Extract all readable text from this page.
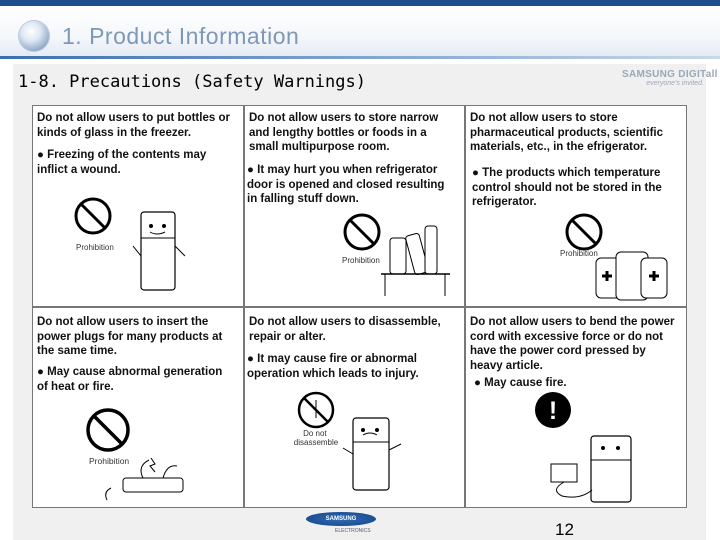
1. Product Information
1-8. Precautions (Safety Warnings)	SAMSUNG DIGITall
everyone's invited.
Do not allow users to put bottles or
kinds of glass in the freezer.
● Freezing of the contents may
inflict a wound.
Prohibition
Do not allow users to store narrow
and lengthy bottles or foods in a
small multipurpose room.
● It may hurt you when refrigerator
door is opened and closed resulting
in falling stuff down.
Prohibition
Do not allow users to store
pharmaceutical products, scientific
materials, etc., in the efrigerator.
● The products which temperature
control should not be stored in the
refrigerator.
Prohibition
Do not allow users to insert the
power plugs for many products at
the same time.
● May cause abnormal generation
of heat or fire.
Prohibition
Do not allow users to disassemble,
repair or alter.
● It may cause fire or abnormal
operation which leads to injury.
Do not disassemble
Do not allow users to bend the power
cord with excessive force or do not
have the power cord pressed by
heavy article.
● May cause fire.
!
SAMSUNG
ELECTRONICS	12
